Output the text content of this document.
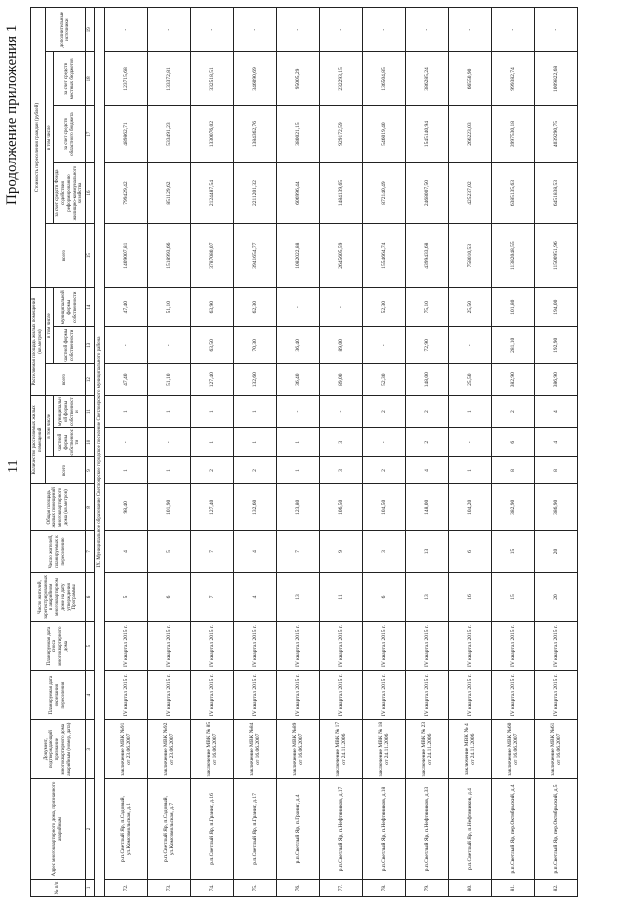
11
Продолжение приложения 1
№ п/п	Адрес многоквартирного дома, признанного аварийным	Документ, подтверждающий признание многоквартирного дома аварийным (номер, дата)	Планируемая дата окончания переселения	Планируемая дата сноса многоквартирного дома	Число жителей, зарегистрированных в аварийном многоквартирном доме на дату утверждения Программы	Число жителей, планируемых к переселению	Общая площадь жилых помещений многоквартирного дома (кв.метров)	Количество расселяемых жилых помещений			Расселяемая площадь жилых помещений (кв.метров)			Стоимость переселения граждан (рублей)				
								всего	в том числе		всего	в том числе		всего	в том числе			дополнительные источники
									частной формы собственности	муниципальной формы собственности		частной формы собственности	муниципальной формы собственности		за счет средств Фонда содействия реформированию жилищно-коммунального хозяйства	за счет средств областного бюджета	за счет средств местных бюджетов	
1	2	3	4	5	6	7	8	9	10	11	12	13	14	15	16	17	18	19
IX. Муниципальное образование Светлоярское городское поселение Светлоярского муниципального района																		
72.	р.п.Светлый Яр, п.Садовый, ул.Комсомольская, д.1	заключение МВК №91 от 23.06.2007	IV квартал 2015 г.	IV квартал 2015 г.	5	4	98,40	1	-	1	47,40	-	47,40	1409007,81	799429,42	489862,71	123715,68	-
73.	р.п.Светлый Яр, п.Садовый, ул.Комсомольская, д.7	заключение МВК №92 от 23.06.2007	IV квартал 2015 г.	IV квартал 2015 г.	6	5	101,90	1	-	1	51,10	-	51,10	1518993,66	851129,62	533491,23	133372,81	-
74.	р.п.Светлый Яр, п.Граниг, д.16	заключение МВК № 85 от 16.06.2007	IV квартал 2015 г.	IV квартал 2015 г.	7	7	127,40	2	1	1	127,40	63,50	63,90	3787080,07	2124487,54	1330076,02	332518,51	-
75.	р.п.Светлый Яр, п.Граниг, д.17	заключение МВК №84 от 16.06.2007	IV квартал 2015 г.	IV квартал 2015 г.	4	4	132,60	2	1	1	132,60	70,30	62,30	3941654,77	2211201,32	1384362,76	346090,69	-
76.	р.п.Светлый Яр, п.Граниг, д.4	заключение МВК №89 от 16.06.2007	IV квартал 2015 г.	IV квартал 2015 г.	13	7	123,80	1	1	-	36,40	36,40	-	1082022,88	606996,44	380021,15	95005,29	-
77.	р.п.Светлый Яр, п.Нефтяников, д.17	заключение МВК № 17 от 24.11.2006	IV квартал 2015 г.	IV квартал 2015 г.	11	9	106,50	3	3	-	89,00	89,00	-	2645605,59	1484139,65	929172,59	232293,15	-
78.	р.п.Светлый Яр, п.Нефтяников, д.18	заключение МВК № 18 от 24.11.2006	IV квартал 2015 г.	IV квартал 2015 г.	6	3	104,50	2	-	2	52,30	-	52,30	1554664,74	872140,49	546019,40	136504,85	-
79.	р.п.Светлый Яр, п.Нефтяников, д.33	заключение МВК № 23 от 24.11.2006	IV квартал 2015 г.	IV квартал 2015 г.	13	13	148,00	4	2	2	148,00	72,90	75,10	4399433,68	2468007,50	1545140,94	386285,24	-
80.	р.п.Светлый Яр, п.Нефтяников, д.4	заключение МВК № 4 от 24.11.2006	IV квартал 2015 г.	IV квартал 2015 г.	16	6	104,20	1	-	1	25,50	-	25,50	758010,53	425237,02	266223,03	66550,90	-
81.	р.п.Светлый Яр, пер.Октябрьский, д.4	заключение МВК №60 от 16.06.2007	IV квартал 2015 г.	IV квартал 2015 г.	15	15	382,90	8	6	2	382,90	281,10	101,80	11382048,55	6385135,63	3997530,18	999382,74	-
82.	р.п.Светлый Яр, пер.Октябрьский, д.5	заключение МВК №61 от 16.06.2007	IV квартал 2015 г.	IV квартал 2015 г.	20	20	386,90	8	4	4	386,90	192,90	194,00	11500951,96	6451838,53	4039290,75	1009822,68	-
